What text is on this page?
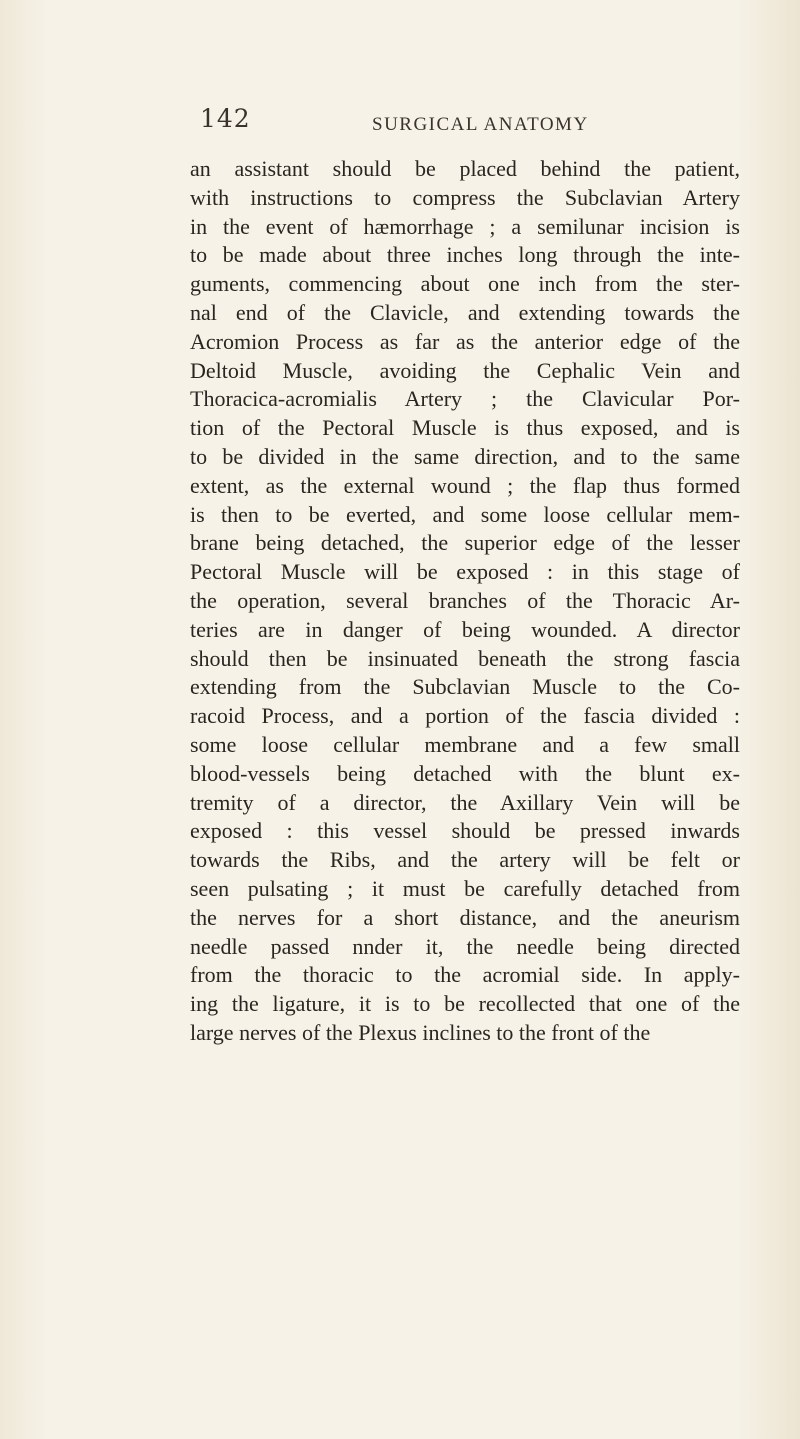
142	SURGICAL ANATOMY
an assistant should be placed behind the patient,
with instructions to compress the Subclavian Artery
in the event of hæmorrhage ; a semilunar incision is
to be made about three inches long through the inte-
guments, commencing about one inch from the ster-
nal end of the Clavicle, and extending towards the
Acromion Process as far as the anterior edge of the
Deltoid Muscle, avoiding the Cephalic Vein and
Thoracica-acromialis Artery ; the Clavicular Por-
tion of the Pectoral Muscle is thus exposed, and is
to be divided in the same direction, and to the same
extent, as the external wound ; the flap thus formed
is then to be everted, and some loose cellular mem-
brane being detached, the superior edge of the lesser
Pectoral Muscle will be exposed : in this stage of
the operation, several branches of the Thoracic Ar-
teries are in danger of being wounded. A director
should then be insinuated beneath the strong fascia
extending from the Subclavian Muscle to the Co-
racoid Process, and a portion of the fascia divided :
some loose cellular membrane and a few small
blood-vessels being detached with the blunt ex-
tremity of a director, the Axillary Vein will be
exposed : this vessel should be pressed inwards
towards the Ribs, and the artery will be felt or
seen pulsating ; it must be carefully detached from
the nerves for a short distance, and the aneurism
needle passed nnder it, the needle being directed
from the thoracic to the acromial side. In apply-
ing the ligature, it is to be recollected that one of the
large nerves of the Plexus inclines to the front of the
